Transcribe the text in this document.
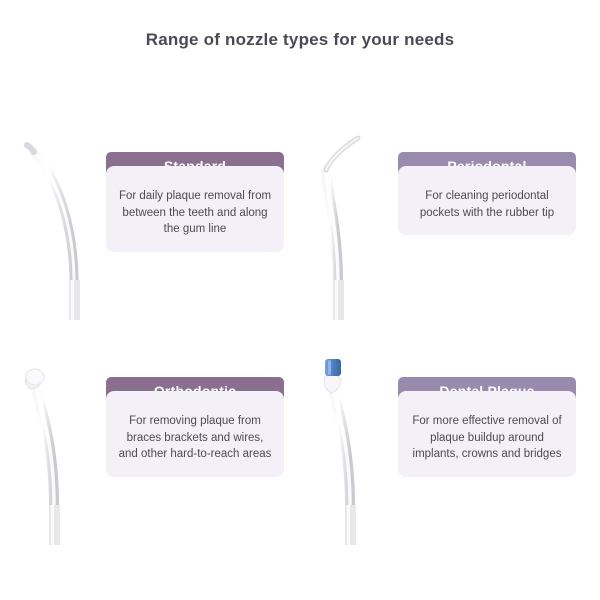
Range of nozzle types for your needs
For daily plaque removal from between the teeth and along the gum line
For cleaning periodontal pockets with the rubber tip
For removing plaque from braces brackets and wires, and other hard-to-reach areas
For more effective removal of plaque buildup around implants, crowns and bridges
